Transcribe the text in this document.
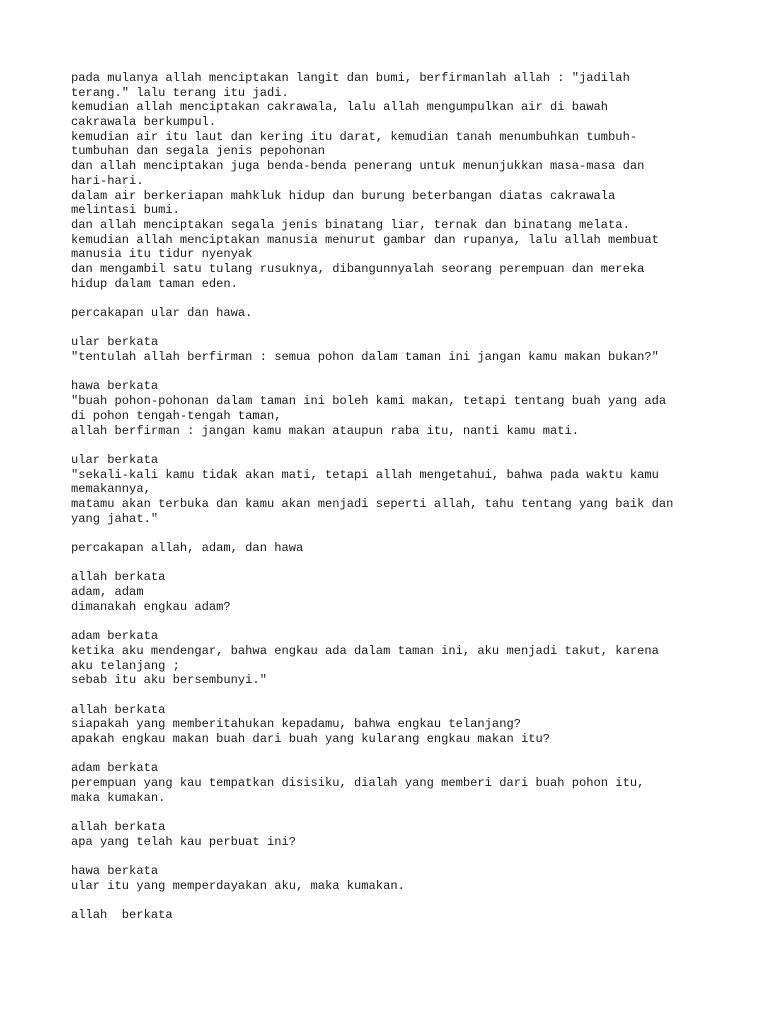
pada mulanya allah menciptakan langit dan bumi, berfirmanlah allah : "jadilah
terang." lalu terang itu jadi.
kemudian allah menciptakan cakrawala, lalu allah mengumpulkan air di bawah
cakrawala berkumpul.
kemudian air itu laut dan kering itu darat, kemudian tanah menumbuhkan tumbuh-
tumbuhan dan segala jenis pepohonan
dan allah menciptakan juga benda-benda penerang untuk menunjukkan masa-masa dan
hari-hari.
dalam air berkeriapan mahkluk hidup dan burung beterbangan diatas cakrawala
melintasi bumi.
dan allah menciptakan segala jenis binatang liar, ternak dan binatang melata.
kemudian allah menciptakan manusia menurut gambar dan rupanya, lalu allah membuat
manusia itu tidur nyenyak
dan mengambil satu tulang rusuknya, dibangunnyalah seorang perempuan dan mereka
hidup dalam taman eden.
percakapan ular dan hawa.
ular berkata
"tentulah allah berfirman : semua pohon dalam taman ini jangan kamu makan bukan?"
hawa berkata
"buah pohon-pohonan dalam taman ini boleh kami makan, tetapi tentang buah yang ada
di pohon tengah-tengah taman,
allah berfirman : jangan kamu makan ataupun raba itu, nanti kamu mati.
ular berkata
"sekali-kali kamu tidak akan mati, tetapi allah mengetahui, bahwa pada waktu kamu
memakannya,
matamu akan terbuka dan kamu akan menjadi seperti allah, tahu tentang yang baik dan
yang jahat."
percakapan allah, adam, dan hawa
allah berkata
adam, adam
dimanakah engkau adam?
adam berkata
ketika aku mendengar, bahwa engkau ada dalam taman ini, aku menjadi takut, karena
aku telanjang ;
sebab itu aku bersembunyi."
allah berkata
siapakah yang memberitahukan kepadamu, bahwa engkau telanjang?
apakah engkau makan buah dari buah yang kularang engkau makan itu?
adam berkata
perempuan yang kau tempatkan disisiku, dialah yang memberi dari buah pohon itu,
maka kumakan.
allah berkata
apa yang telah kau perbuat ini?
hawa berkata
ular itu yang memperdayakan aku, maka kumakan.
allah  berkata
